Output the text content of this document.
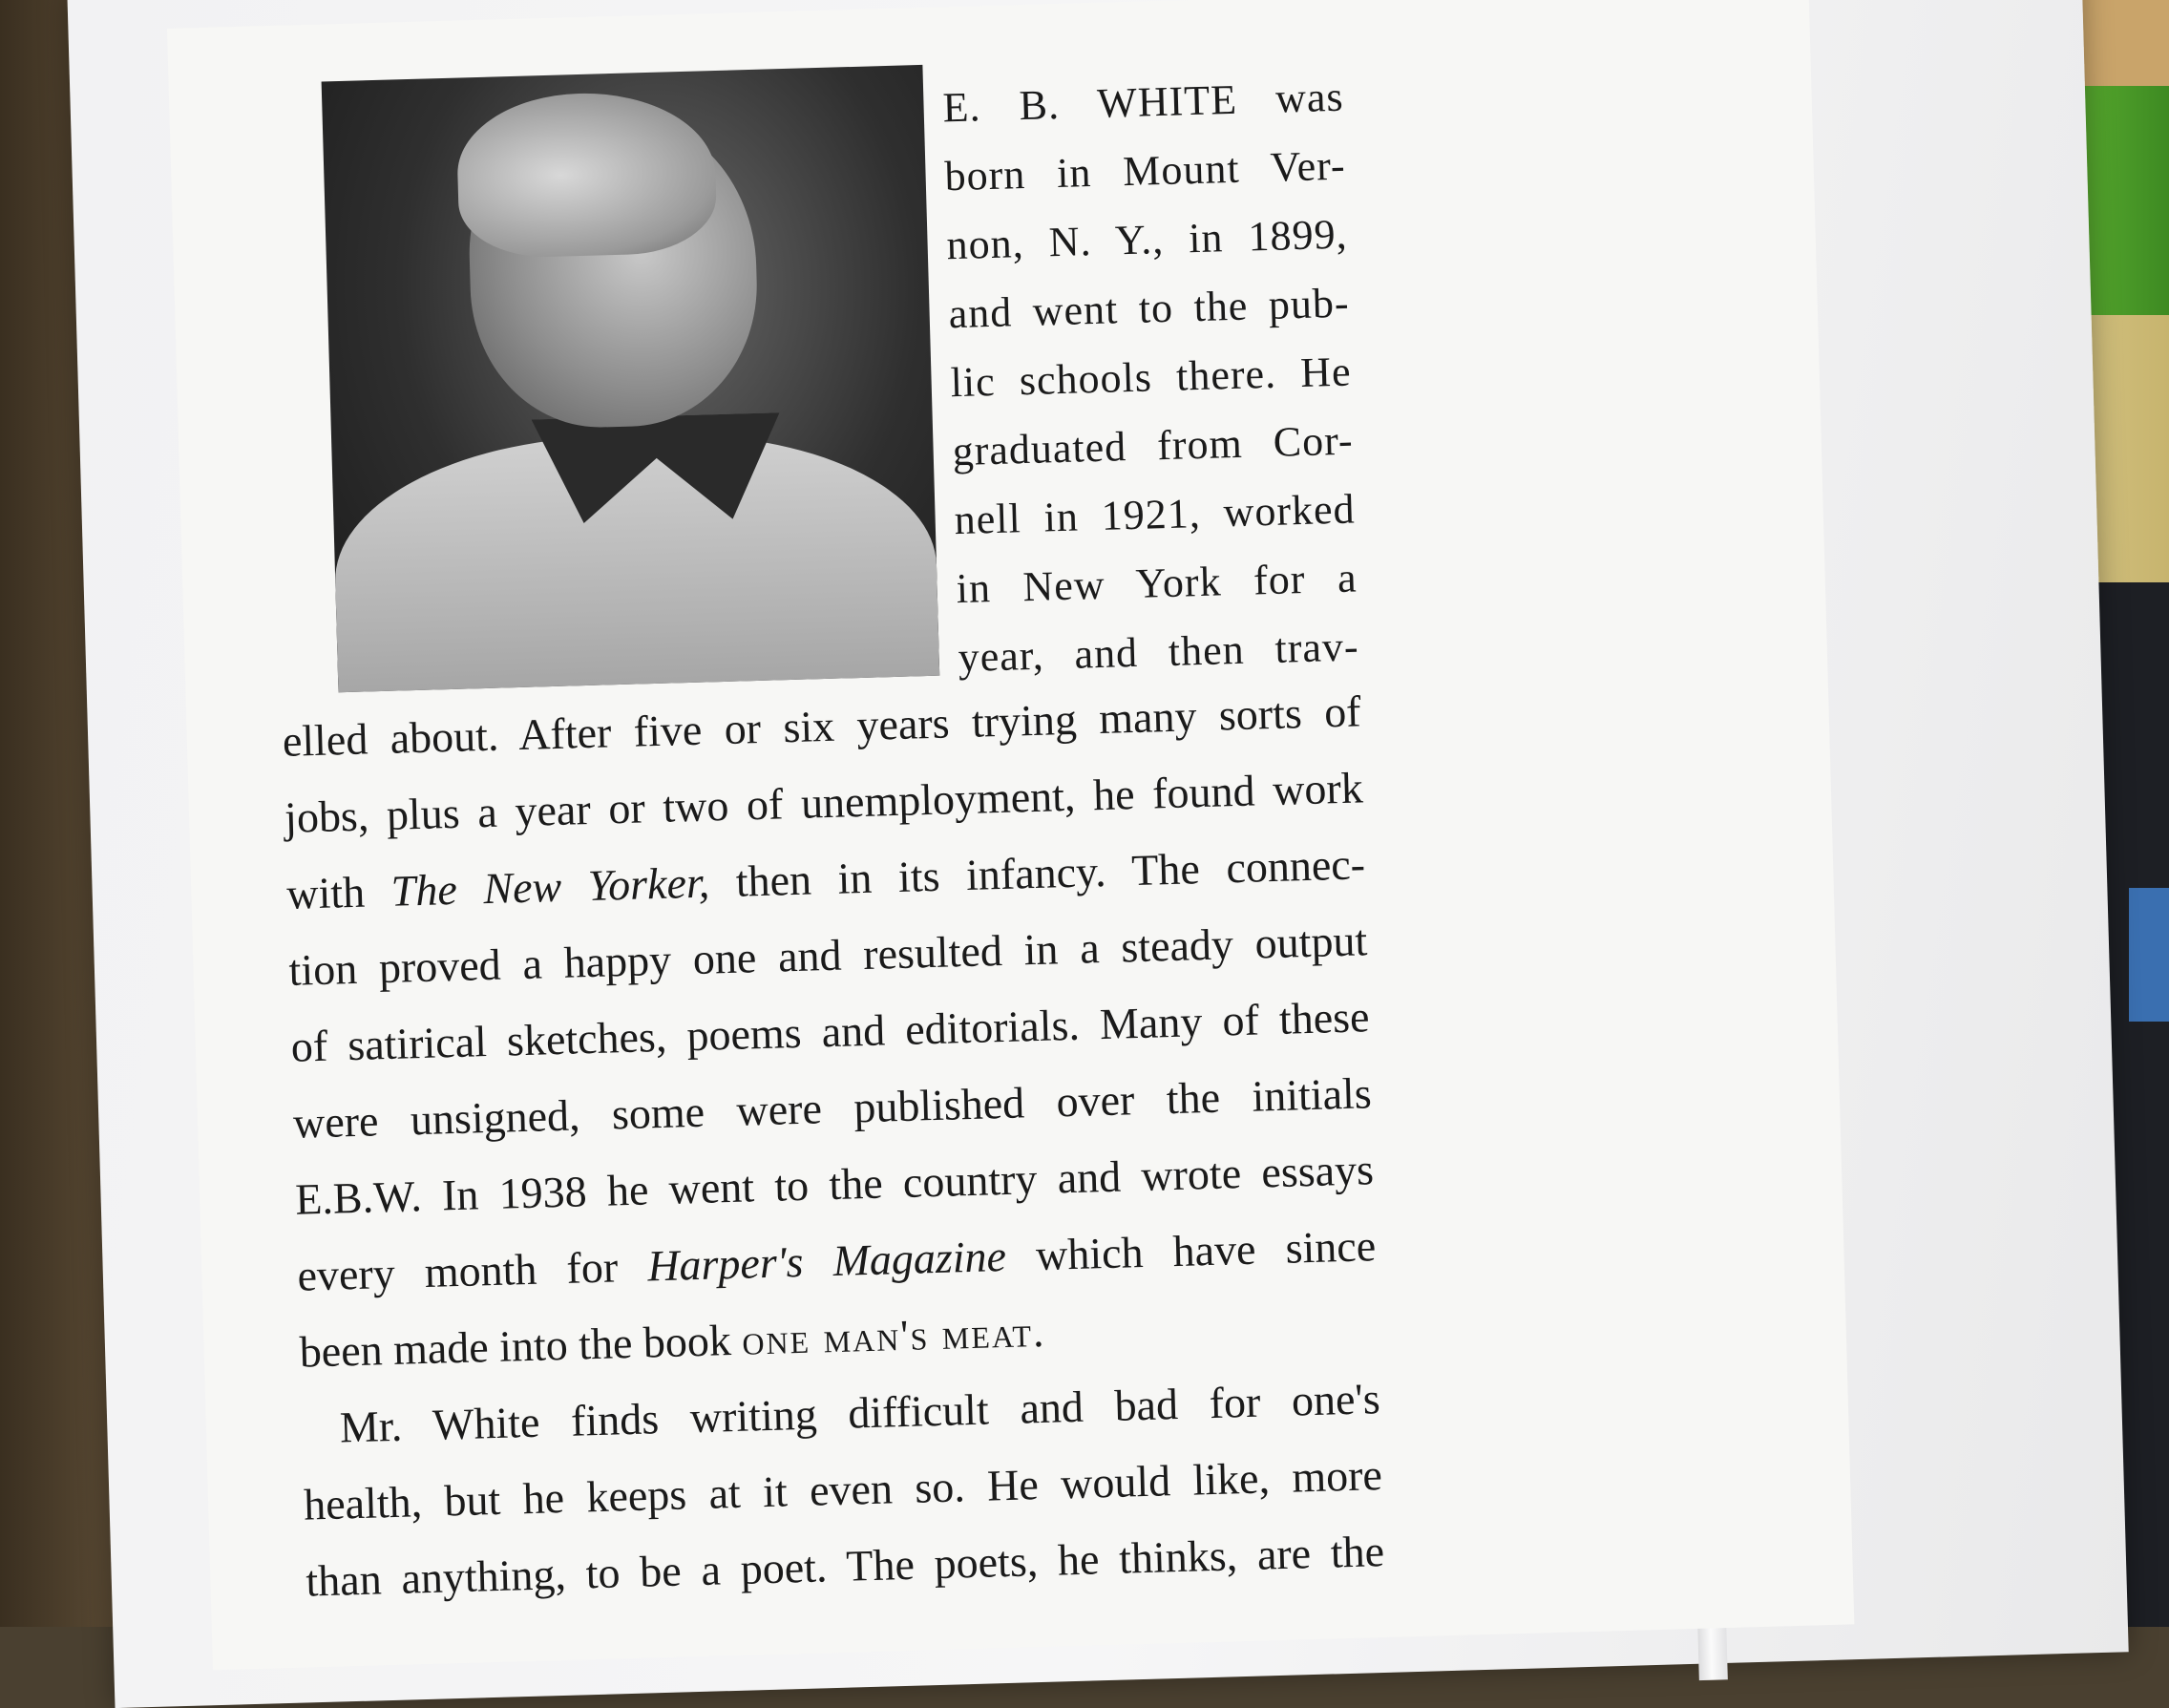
E. B. WHITE was
born in Mount Ver-
non, N. Y., in 1899,
and went to the pub-
lic schools there. He
graduated from Cor-
nell in 1921, worked
in New York for a
year, and then trav-
elled about. After five or six years trying many sorts of
jobs, plus a year or two of unemployment, he found work
with The New Yorker, then in its infancy. The connec-
tion proved a happy one and resulted in a steady output
of satirical sketches, poems and editorials. Many of these
were unsigned, some were published over the initials
E.B.W. In 1938 he went to the country and wrote essays
every month for Harper's Magazine which have since
been made into the book one man's meat.
Mr. White finds writing difficult and bad for one's
health, but he keeps at it even so. He would like, more
than anything, to be a poet. The poets, he thinks, are the
